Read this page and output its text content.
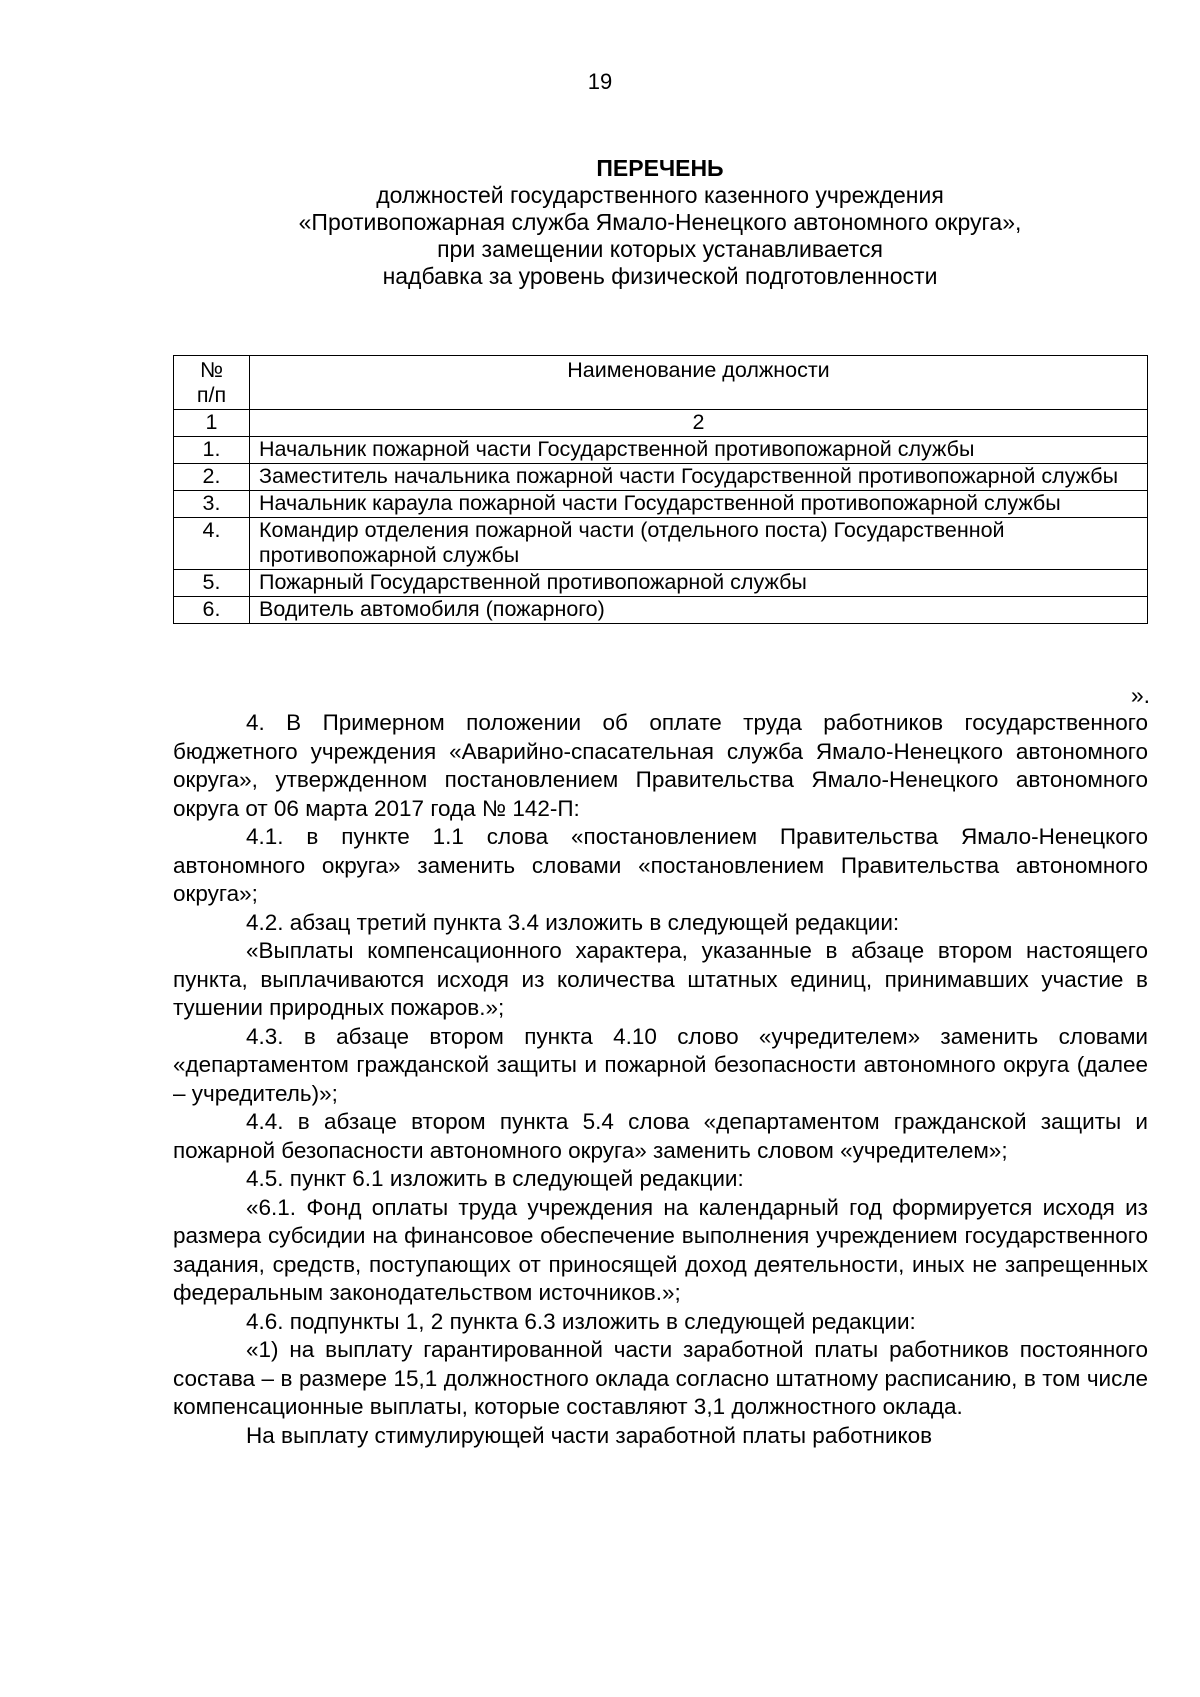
19
ПЕРЕЧЕНЬ
должностей государственного казенного учреждения
«Противопожарная служба Ямало-Ненецкого автономного округа»,
при замещении которых устанавливается
надбавка за уровень физической подготовленности
№
п/п	Наименование должности
1	2
1.	Начальник пожарной части Государственной противопожарной службы
2.	Заместитель начальника пожарной части Государственной противопожарной службы
3.	Начальник караула пожарной части Государственной противопожарной службы
4.	Командир отделения пожарной части (отдельного поста) Государственной противопожарной службы
5.	Пожарный Государственной противопожарной службы
6.	Водитель автомобиля (пожарного)
».

4. В Примерном положении об оплате труда работников государственного бюджетного учреждения «Аварийно-спасательная служба Ямало-Ненецкого автономного округа», утвержденном постановлением Правительства Ямало-Ненецкого автономного округа от 06 марта 2017 года № 142-П:

4.1. в пункте 1.1 слова «постановлением Правительства Ямало-Ненецкого автономного округа» заменить словами «постановлением Правительства автономного округа»;

4.2. абзац третий пункта 3.4 изложить в следующей редакции:

«Выплаты компенсационного характера, указанные в абзаце втором настоящего пункта, выплачиваются исходя из количества штатных единиц, принимавших участие в тушении природных пожаров.»;

4.3. в абзаце втором пункта 4.10 слово «учредителем» заменить словами «департаментом гражданской защиты и пожарной безопасности автономного округа (далее – учредитель)»;

4.4. в абзаце втором пункта 5.4 слова «департаментом гражданской защиты и пожарной безопасности автономного округа» заменить словом «учредителем»;

4.5. пункт 6.1 изложить в следующей редакции:

«6.1. Фонд оплаты труда учреждения на календарный год формируется исходя из размера субсидии на финансовое обеспечение выполнения учреждением государственного задания, средств, поступающих от приносящей доход деятельности, иных не запрещенных федеральным законодательством источников.»;

4.6. подпункты 1, 2 пункта 6.3 изложить в следующей редакции:

«1) на выплату гарантированной части заработной платы работников постоянного состава – в размере 15,1 должностного оклада согласно штатному расписанию, в том числе компенсационные выплаты, которые составляют 3,1 должностного оклада.

На выплату стимулирующей части заработной платы работников
